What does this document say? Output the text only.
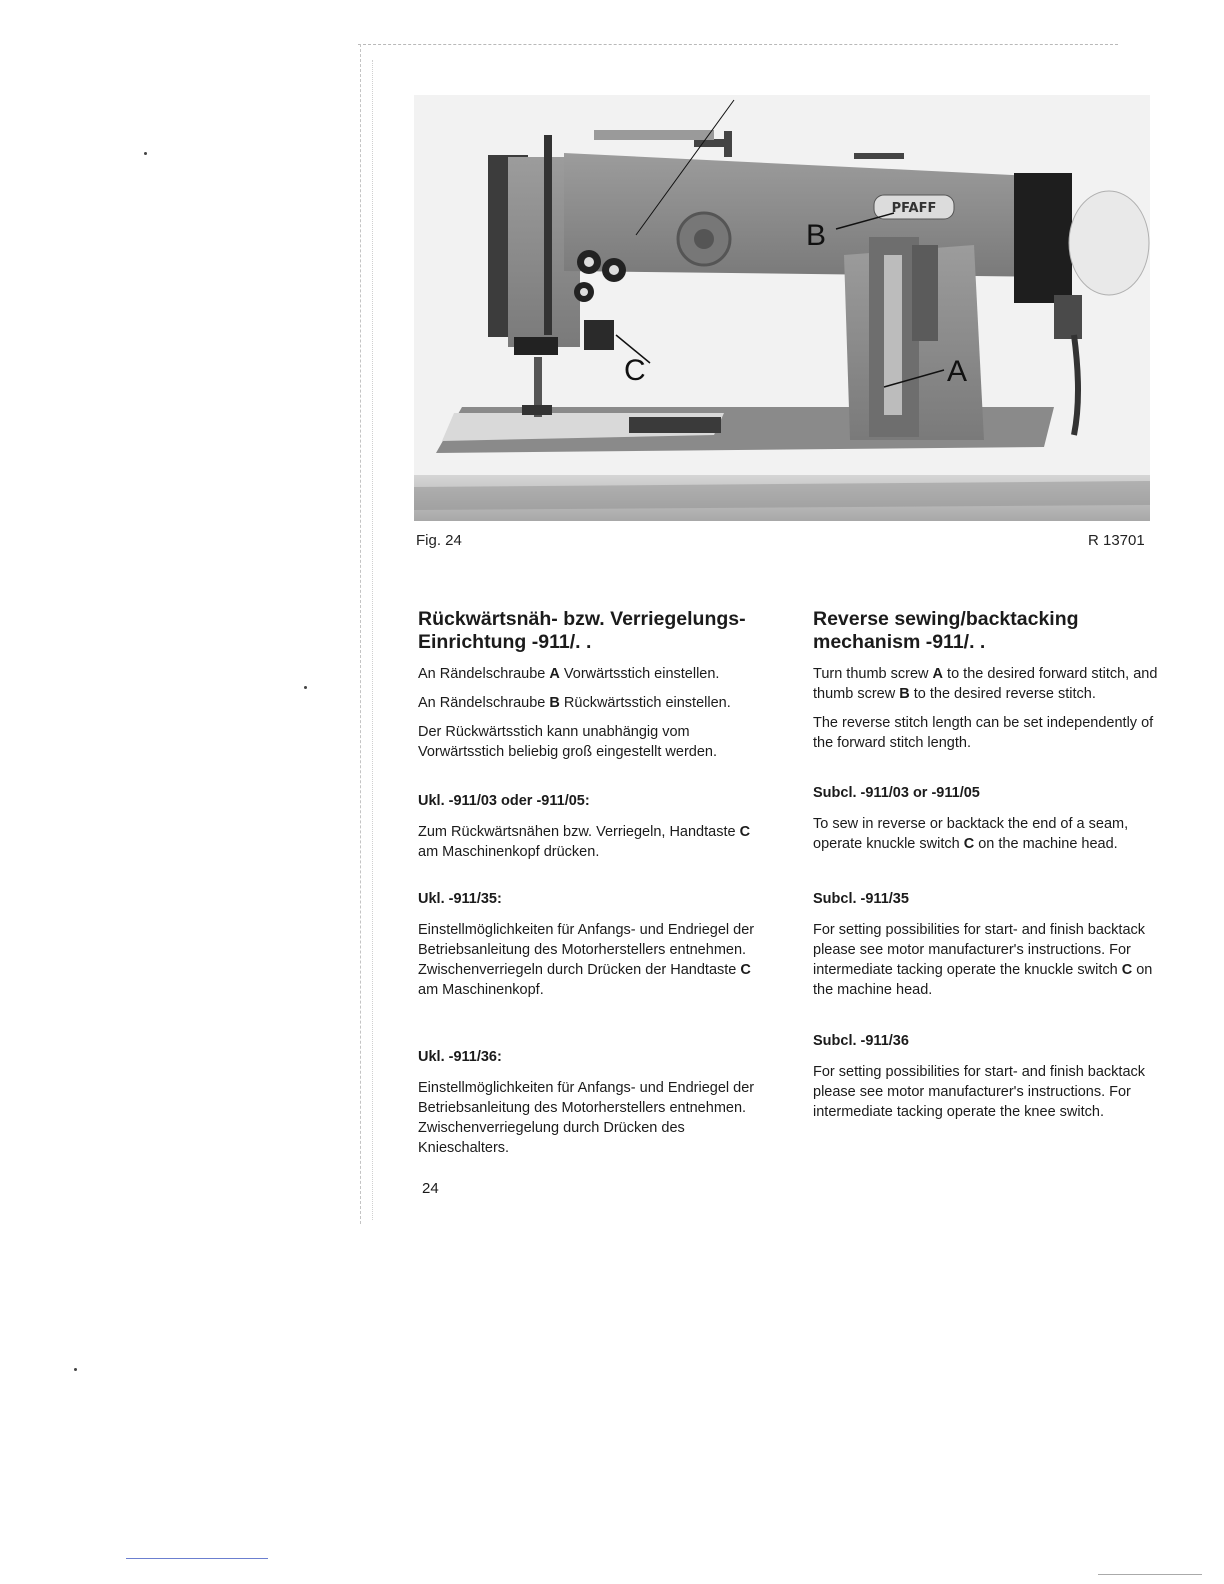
PFAFF
B
C	A
Fig. 24	R 13701
Rückwärtsnäh- bzw. Verriegelungs-Einrichtung -911/. .

An Rändelschraube A Vorwärtsstich einstellen.

An Rändelschraube B Rückwärtsstich einstellen.

Der Rückwärtsstich kann unabhängig vom Vorwärtsstich beliebig groß eingestellt werden.

Ukl. -911/03 oder -911/05:

Zum Rückwärtsnähen bzw. Verriegeln, Handtaste C am Maschinenkopf drücken.

Ukl. -911/35:

Einstellmöglichkeiten für Anfangs- und Endriegel der Betriebsanleitung des Motorherstellers entnehmen.

Zwischenverriegeln durch Drücken der Handtaste C am Maschinenkopf.

Ukl. -911/36:

Einstellmöglichkeiten für Anfangs- und Endriegel der Betriebsanleitung des Motorherstellers entnehmen.

Zwischenverriegelung durch Drücken des Knieschalters.

Reverse sewing/backtacking mechanism -911/. .

Turn thumb screw A to the desired forward stitch, and thumb screw B to the desired reverse stitch.

The reverse stitch length can be set independently of the forward stitch length.

Subcl. -911/03 or -911/05

To sew in reverse or backtack the end of a seam, operate knuckle switch C on the machine head.

Subcl. -911/35

For setting possibilities for start- and finish backtack please see motor manufacturer's instructions. For intermediate tacking operate the knuckle switch C on the machine head.

Subcl. -911/36

For setting possibilities for start- and finish backtack please see motor manufacturer's instructions. For intermediate tacking operate the knee switch.

24
